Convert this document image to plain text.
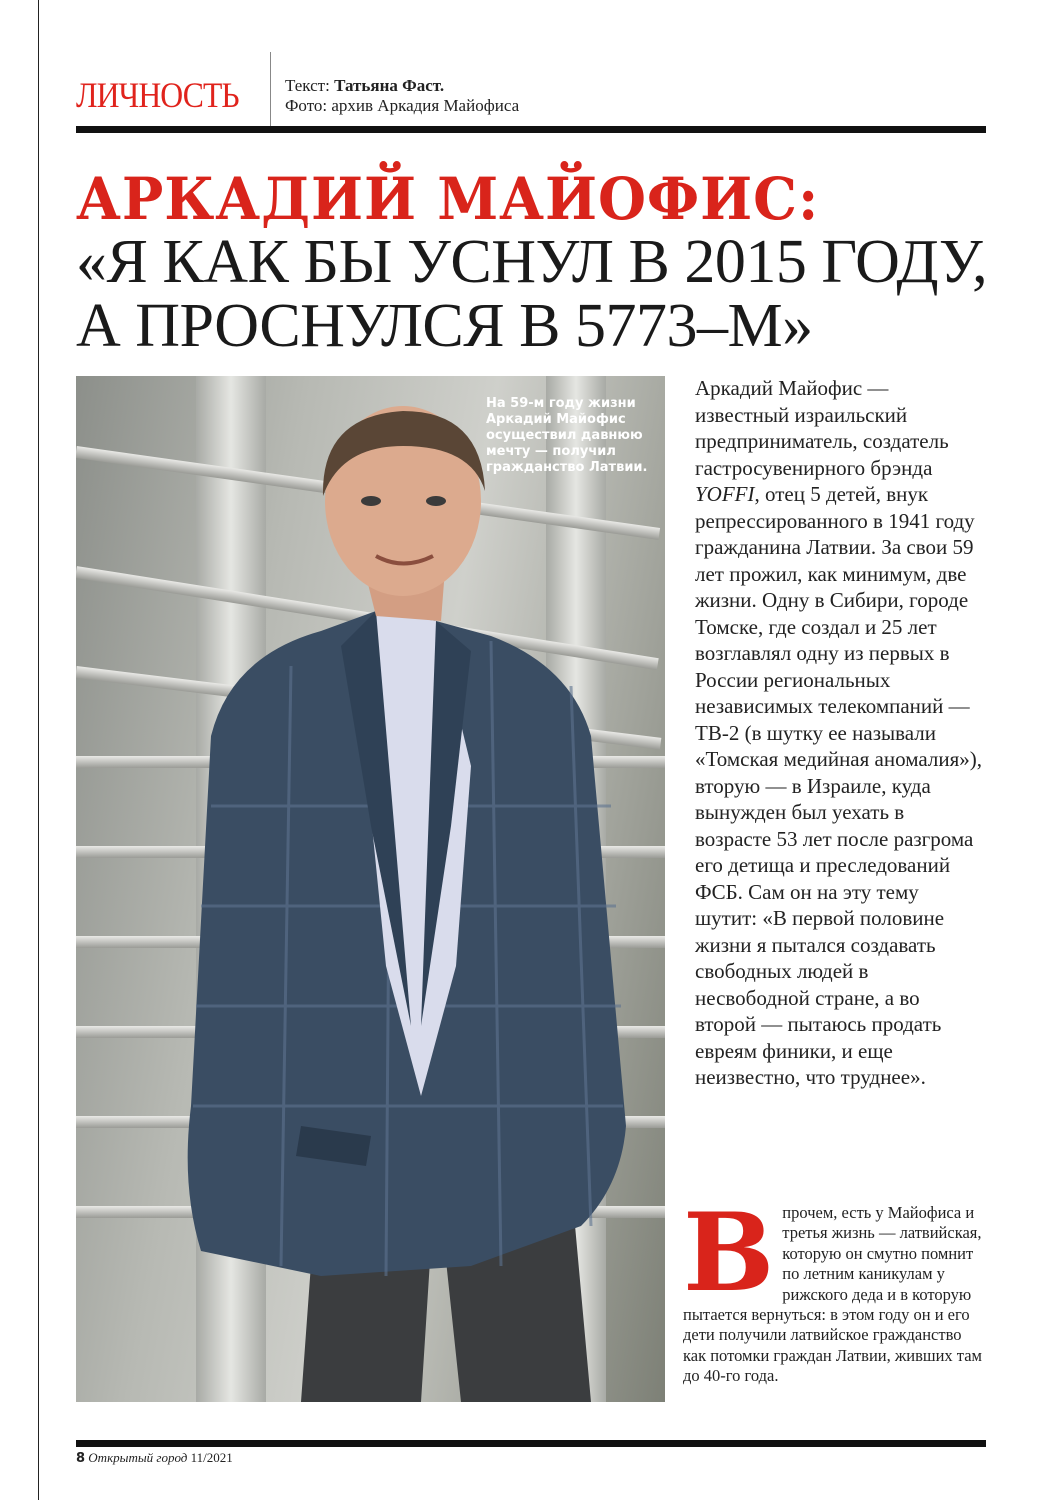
ЛИЧНОСТЬ	Текст: Татьяна Фаст.
Фото: архив Аркадия Майофиса
АРКАДИЙ МАЙОФИС:
«Я КАК БЫ УСНУЛ В 2015 ГОДУ,
А ПРОСНУЛСЯ В 5773–М»
На 59-м году жизни Аркадий Майофис осуществил давнюю мечту — получил гражданство Латвии.

Аркадий Майофис — известный израильский предприниматель, создатель гастросувенирного брэнда YOFFI, отец 5 детей, внук репрессированного в 1941 году гражданина Латвии. За свои 59 лет прожил, как минимум, две жизни. Одну в Сибири, городе Томске, где создал и 25 лет возглавлял одну из первых в России региональных независимых телекомпаний — ТВ-2 (в шутку ее называли «Томская медийная аномалия»), вторую — в Израиле, куда вынужден был уехать в возрасте 53 лет после разгрома его детища и преследований ФСБ. Сам он на эту тему шутит: «В первой половине жизни я пытался создавать свободных людей в несвободной стране, а во второй — пытаюсь продать евреям финики, и еще неизвестно, что труднее».

В прочем, есть у Майофиса и третья жизнь — латвийская, которую он смутно помнит по летним каникулам у рижского деда и в которую пытается вернуться: в этом году он и его дети получили латвийское гражданство как потомки граждан Латвии, живших там до 40-го года.
8 Открытый город 11/2021
